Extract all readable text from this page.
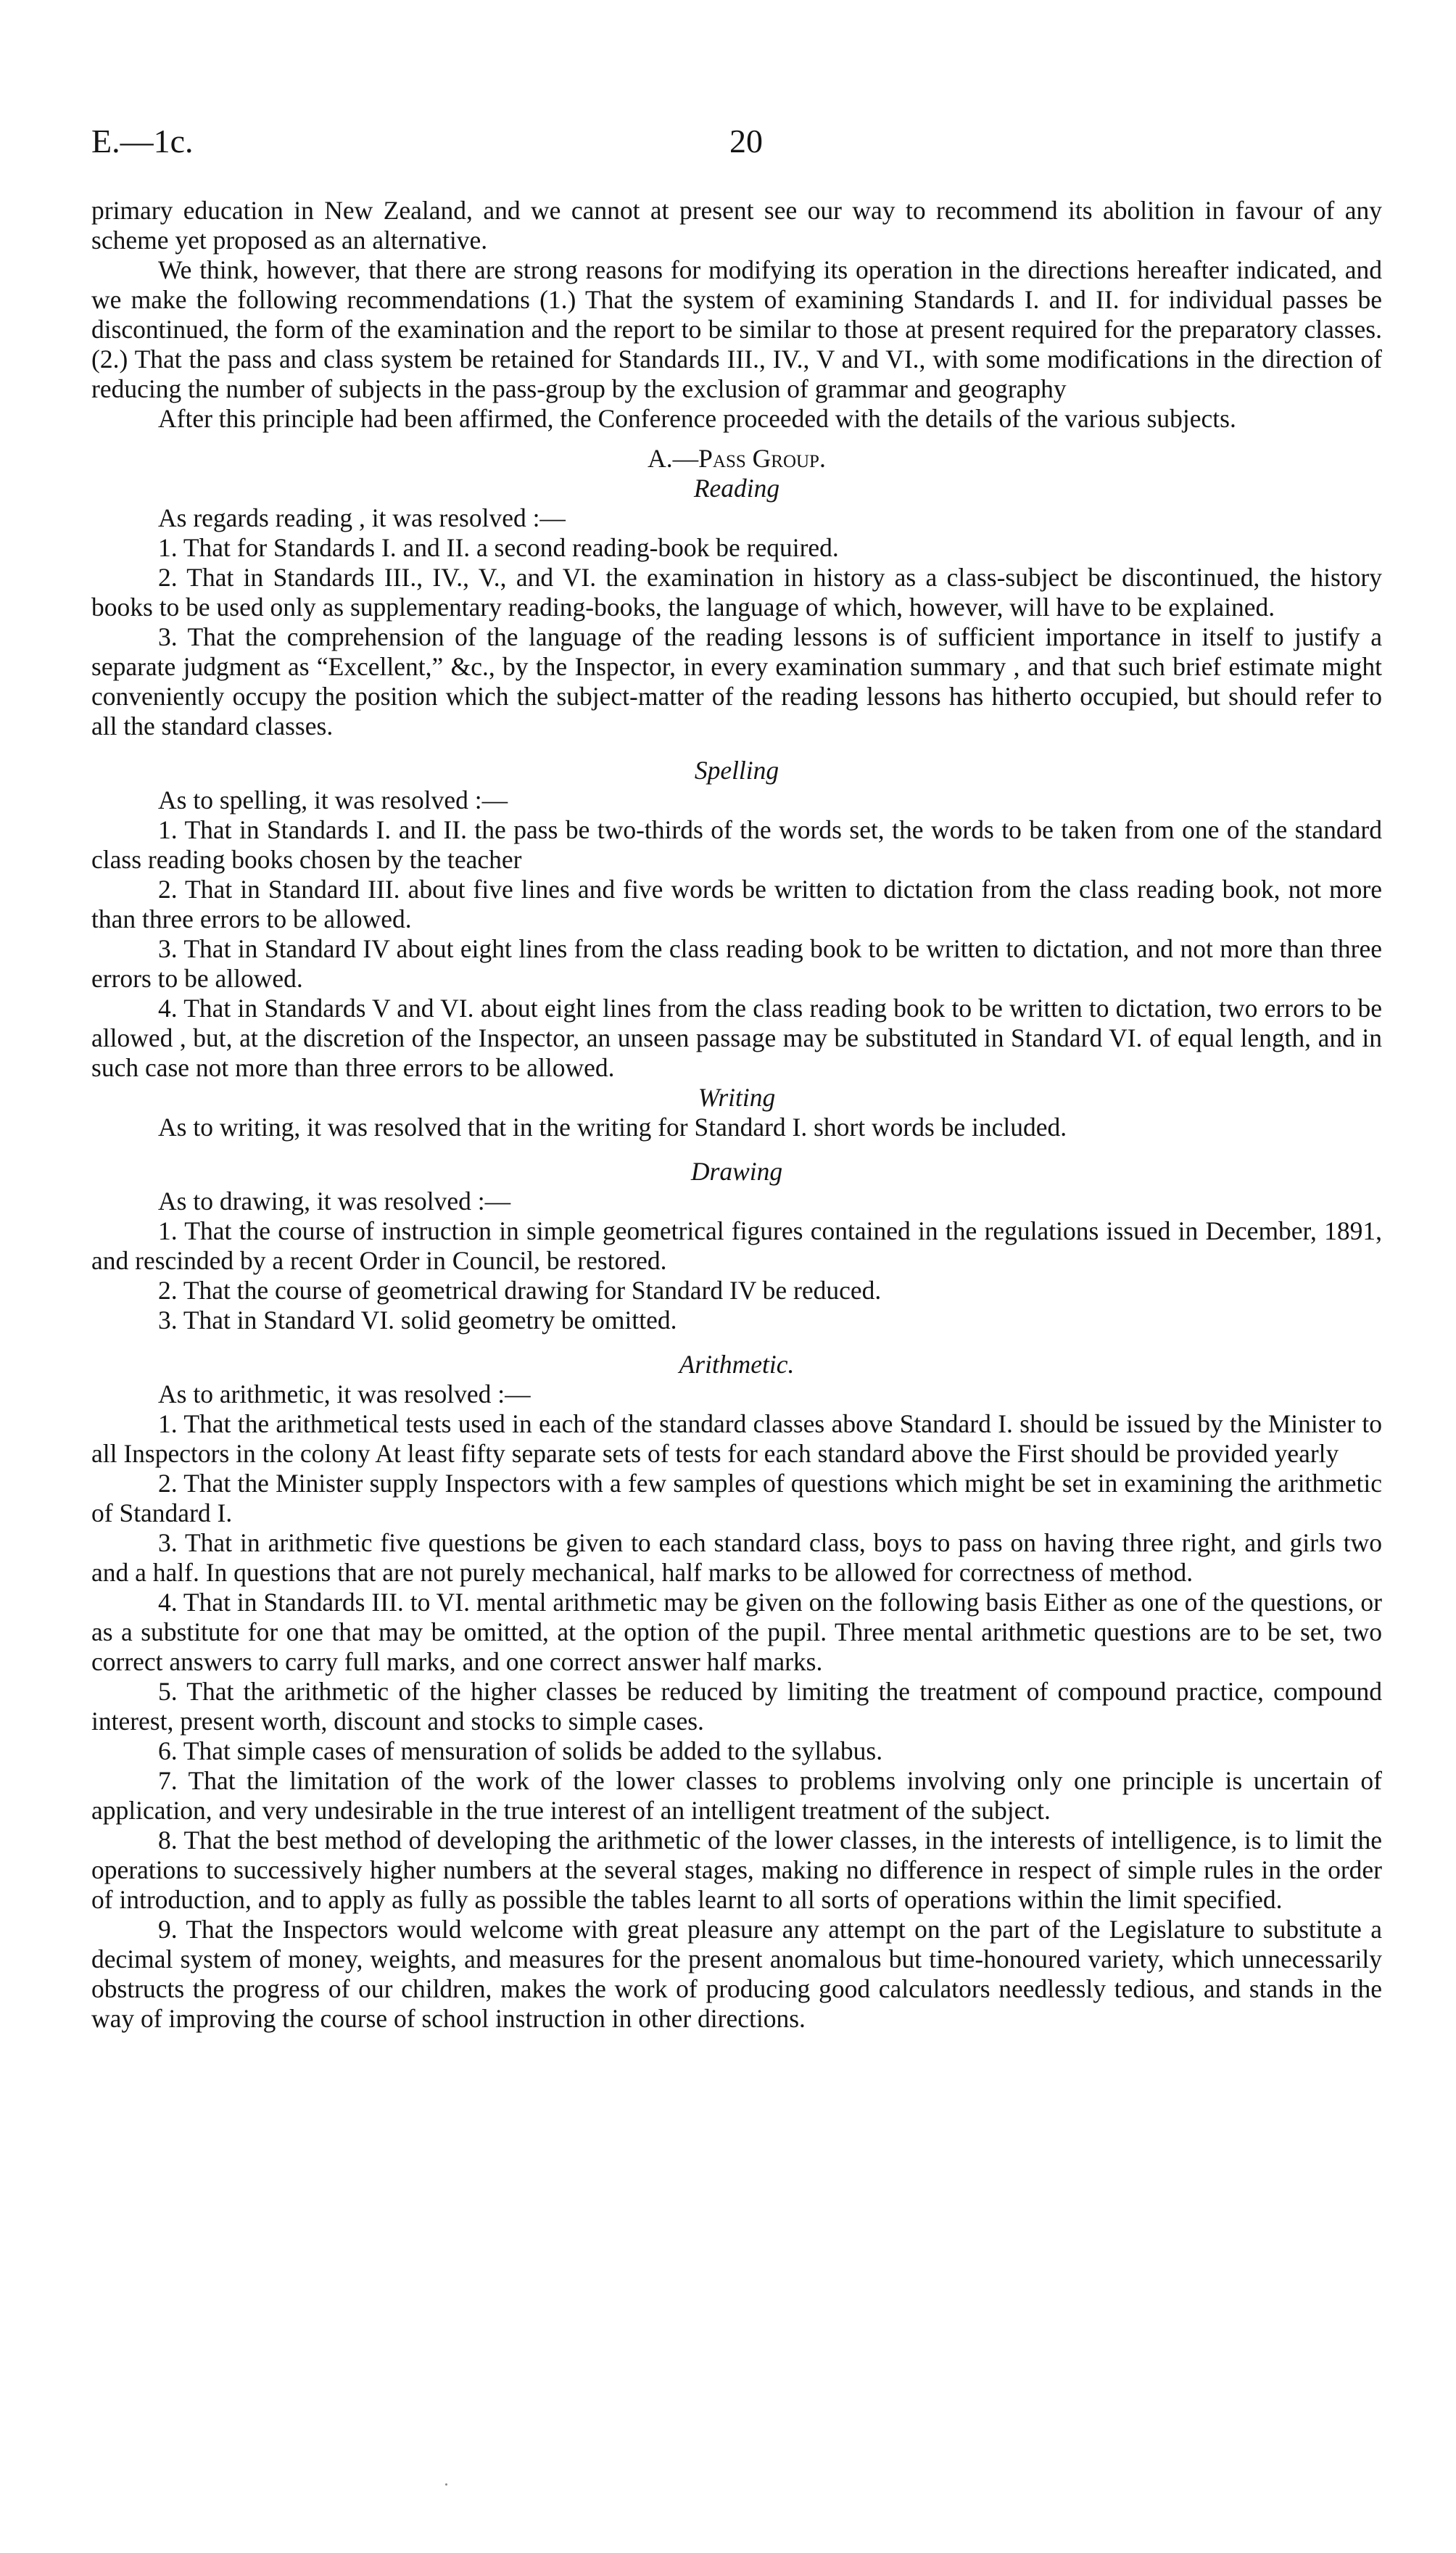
E.—1c.	20

primary education in New Zealand, and we cannot at present see our way to recommend its abolition in favour of any scheme yet proposed as an alternative.

We think, however, that there are strong reasons for modifying its operation in the directions hereafter indicated, and we make the following recommendations (1.) That the system of examining Standards I. and II. for individual passes be discontinued, the form of the examination and the report to be similar to those at present required for the preparatory classes. (2.) That the pass and class system be retained for Standards III., IV., V and VI., with some modifications in the direction of reducing the number of subjects in the pass-group by the exclusion of grammar and geography

After this principle had been affirmed, the Conference proceeded with the details of the various subjects.

A.—Pass Group.

Reading

As regards reading , it was resolved :—

1. That for Standards I. and II. a second reading-book be required.

2. That in Standards III., IV., V., and VI. the examination in history as a class-subject be discontinued, the history books to be used only as supplementary reading-books, the language of which, however, will have to be explained.

3. That the comprehension of the language of the reading lessons is of sufficient importance in itself to justify a separate judgment as “Excellent,” &c., by the Inspector, in every examination summary , and that such brief estimate might conveniently occupy the position which the subject-matter of the reading lessons has hitherto occupied, but should refer to all the standard classes.

Spelling

As to spelling, it was resolved :—

1. That in Standards I. and II. the pass be two-thirds of the words set, the words to be taken from one of the standard class reading books chosen by the teacher

2. That in Standard III. about five lines and five words be written to dictation from the class reading book, not more than three errors to be allowed.

3. That in Standard IV about eight lines from the class reading book to be written to dictation, and not more than three errors to be allowed.

4. That in Standards V and VI. about eight lines from the class reading book to be written to dictation, two errors to be allowed , but, at the discretion of the Inspector, an unseen passage may be substituted in Standard VI. of equal length, and in such case not more than three errors to be allowed.

Writing

As to writing, it was resolved that in the writing for Standard I. short words be included.

Drawing

As to drawing, it was resolved :—

1. That the course of instruction in simple geometrical figures contained in the regulations issued in December, 1891, and rescinded by a recent Order in Council, be restored.

2. That the course of geometrical drawing for Standard IV be reduced.

3. That in Standard VI. solid geometry be omitted.

Arithmetic.

As to arithmetic, it was resolved :—

1. That the arithmetical tests used in each of the standard classes above Standard I. should be issued by the Minister to all Inspectors in the colony At least fifty separate sets of tests for each standard above the First should be provided yearly

2. That the Minister supply Inspectors with a few samples of questions which might be set in examining the arithmetic of Standard I.

3. That in arithmetic five questions be given to each standard class, boys to pass on having three right, and girls two and a half. In questions that are not purely mechanical, half marks to be allowed for correctness of method.

4. That in Standards III. to VI. mental arithmetic may be given on the following basis Either as one of the questions, or as a substitute for one that may be omitted, at the option of the pupil. Three mental arithmetic questions are to be set, two correct answers to carry full marks, and one correct answer half marks.

5. That the arithmetic of the higher classes be reduced by limiting the treatment of compound practice, compound interest, present worth, discount and stocks to simple cases.

6. That simple cases of mensuration of solids be added to the syllabus.

7. That the limitation of the work of the lower classes to problems involving only one principle is uncertain of application, and very undesirable in the true interest of an intelligent treatment of the subject.

8. That the best method of developing the arithmetic of the lower classes, in the interests of intelligence, is to limit the operations to successively higher numbers at the several stages, making no difference in respect of simple rules in the order of introduction, and to apply as fully as possible the tables learnt to all sorts of operations within the limit specified.

9. That the Inspectors would welcome with great pleasure any attempt on the part of the Legislature to substitute a decimal system of money, weights, and measures for the present anomalous but time-honoured variety, which unnecessarily obstructs the progress of our children, makes the work of producing good calculators needlessly tedious, and stands in the way of improving the course of school instruction in other directions.
